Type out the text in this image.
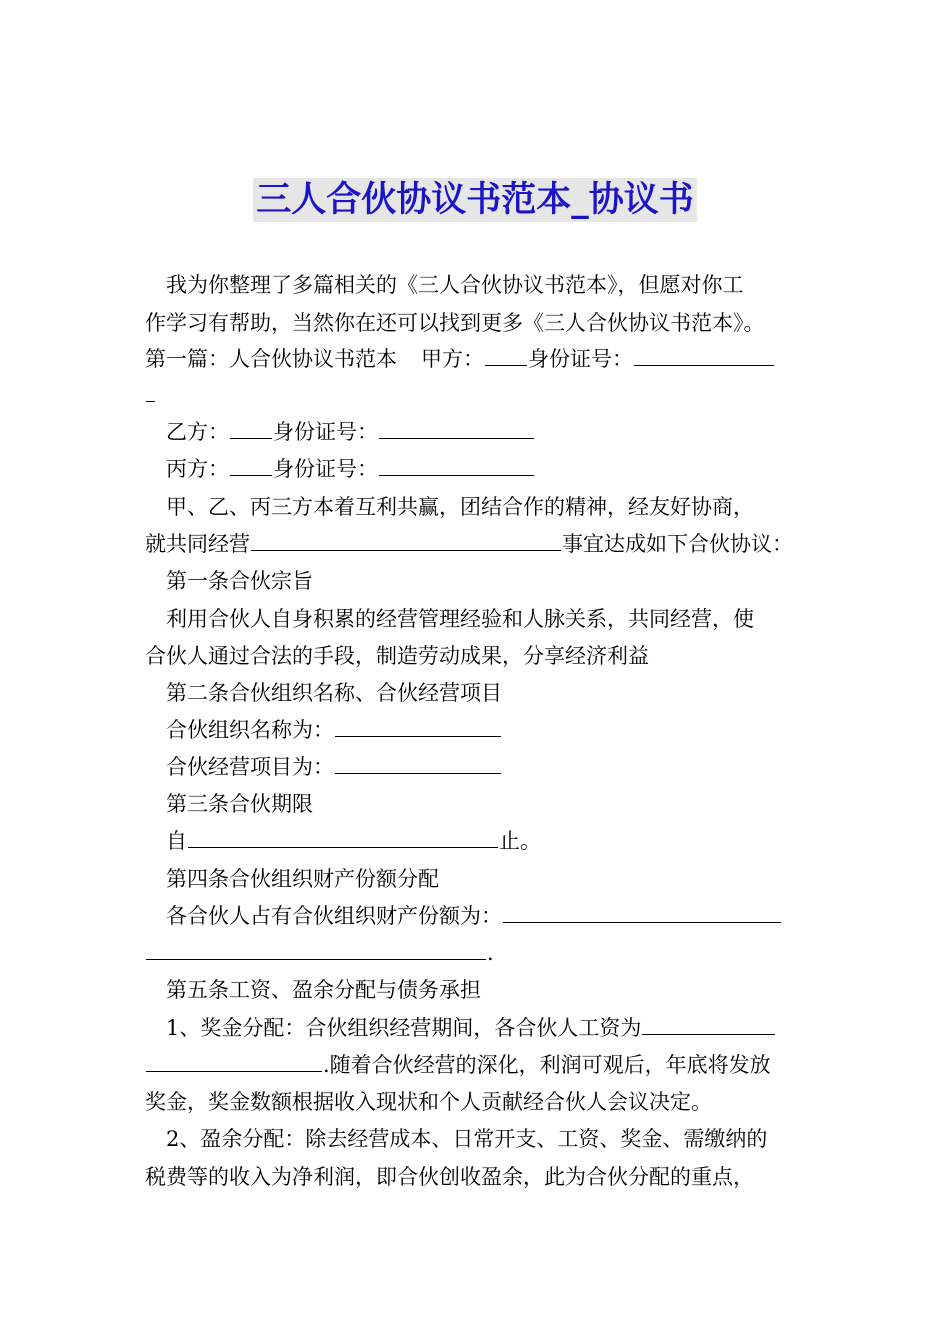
三人合伙协议书范本_协议书
我为你整理了多篇相关的《三人合伙协议书范本》，但愿对你工
作学习有帮助，当然你在还可以找到更多《三人合伙协议书范本》。
第一篇：人合伙协议书范本 甲方： 身份证号：
乙方： 身份证号：
丙方： 身份证号：
甲、乙、丙三方本着互利共赢，团结合作的精神，经友好协商，
就共同经营	事宜达成如下合伙协议：
第一条合伙宗旨
利用合伙人自身积累的经营管理经验和人脉关系，共同经营，使
合伙人通过合法的手段，制造劳动成果，分享经济利益
第二条合伙组织名称、合伙经营项目
合伙组织名称为：
合伙经营项目为：
第三条合伙期限
自	止。
第四条合伙组织财产份额分配
各合伙人占有合伙组织财产份额为：
.
第五条工资、盈余分配与债务承担
1、奖金分配：合伙组织经营期间，各合伙人工资为
.随着合伙经营的深化，利润可观后，年底将发放
奖金，奖金数额根据收入现状和个人贡献经合伙人会议决定。
2、盈余分配：除去经营成本、日常开支、工资、奖金、需缴纳的
税费等的收入为净利润，即合伙创收盈余，此为合伙分配的重点，
